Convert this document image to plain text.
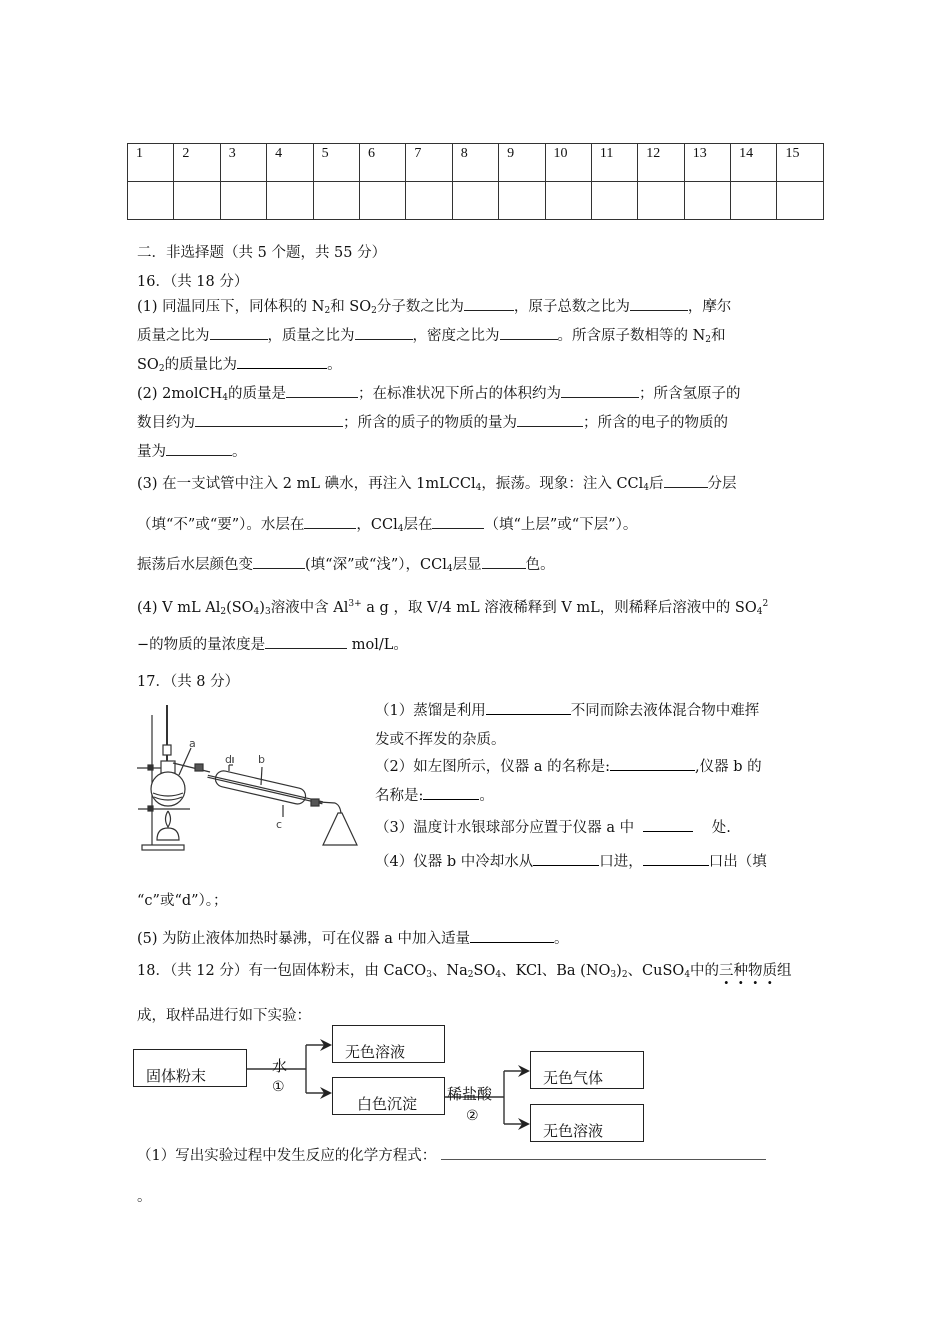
1	2	3	4	5	6	7	8	9	10	11	12	13	14	15

二．非选择题（共 5 个题，共 55 分）
16．（共 18 分）
(1) 同温同压下，同体积的 $N_2$和 $SO_2$分子数之比为	，原子总数之比为	，摩尔
质量之比为	，质量之比为	，密度之比为	。所含原子数相等的 $N_2$和
$SO_2$的质量比为	。
(2) 2molCH$_4$的质量是	；在标准状况下所占的体积约为	；所含氢原子的
数目约为	；所含的质子的物质的量为	；所含的电子的物质的
量为	。
(3) 在一支试管中注入 2 mL 碘水，再注入 1mLCCl$_4$，振荡。现象：注入 CCl$_4$后	分层
（填“不”或“要”）。水层在	，CCl$_4$层在	（填“上层”或“下层”）。
振荡后水层颜色变	(填“深”或“浅”），CCl$_4$层显	色。
(4) V mL $Al_2(SO_4)_3$溶液中含 $Al^{3+}$ a g ，取 V/4 mL 溶液稀释到 V mL，则稀释后溶液中的 $SO_4^2$
−的物质的量浓度是	mol/L。
17．（共 8 分）
a
d b
c
（1）蒸馏是利用	不同而除去液体混合物中难挥
发或不挥发的杂质。
（2）如左图所示，仪器 a 的名称是:	,仪器 b 的
名称是:	。
（3）温度计水银球部分应置于仪器 a 中	处.
（4）仪器 b 中冷却水从	口进，	口出（填
“c”或“d”）。；
(5) 为防止液体加热时暴沸，可在仪器 a 中加入适量	。
18．（共 12 分）有一包固体粉末，由 CaCO$_3$、$Na_2SO_4$、KCl、Ba $(NO_3)_2$、CuSO$_4$中的三种物质组
成，取样品进行如下实验：
固体粉末
水
①
无色溶液
白色沉淀
稀盐酸
②
无色气体
无色溶液
（1）写出实验过程中发生反应的化学方程式：
。
